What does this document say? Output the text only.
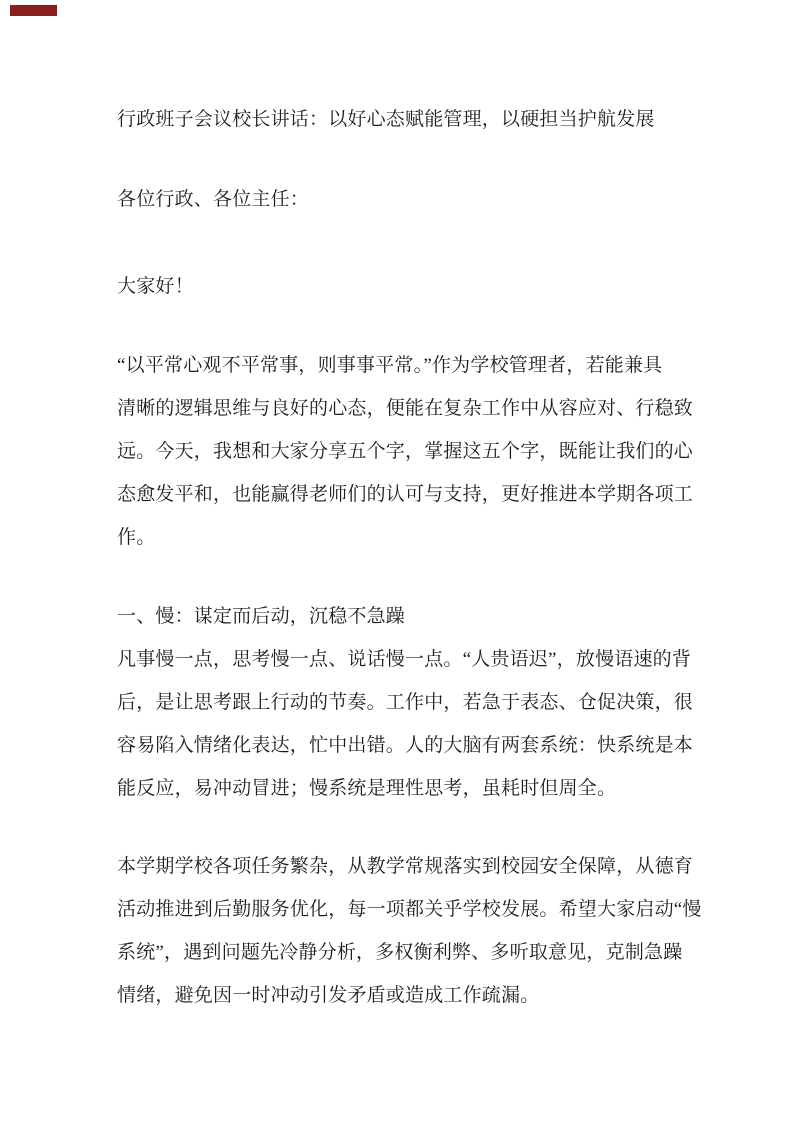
行政班子会议校长讲话：以好心态赋能管理，以硬担当护航发展
各位行政、各位主任：
大家好！
“以平常心观不平常事，则事事平常。”作为学校管理者，若能兼具
清晰的逻辑思维与良好的心态，便能在复杂工作中从容应对、行稳致
远。今天，我想和大家分享五个字，掌握这五个字，既能让我们的心
态愈发平和，也能赢得老师们的认可与支持，更好推进本学期各项工
作。
一、慢：谋定而后动，沉稳不急躁
凡事慢一点，思考慢一点、说话慢一点。“人贵语迟”，放慢语速的背
后，是让思考跟上行动的节奏。工作中，若急于表态、仓促决策，很
容易陷入情绪化表达，忙中出错。人的大脑有两套系统：快系统是本
能反应，易冲动冒进；慢系统是理性思考，虽耗时但周全。
本学期学校各项任务繁杂，从教学常规落实到校园安全保障，从德育
活动推进到后勤服务优化，每一项都关乎学校发展。希望大家启动“慢
系统”，遇到问题先冷静分析，多权衡利弊、多听取意见，克制急躁
情绪，避免因一时冲动引发矛盾或造成工作疏漏。
